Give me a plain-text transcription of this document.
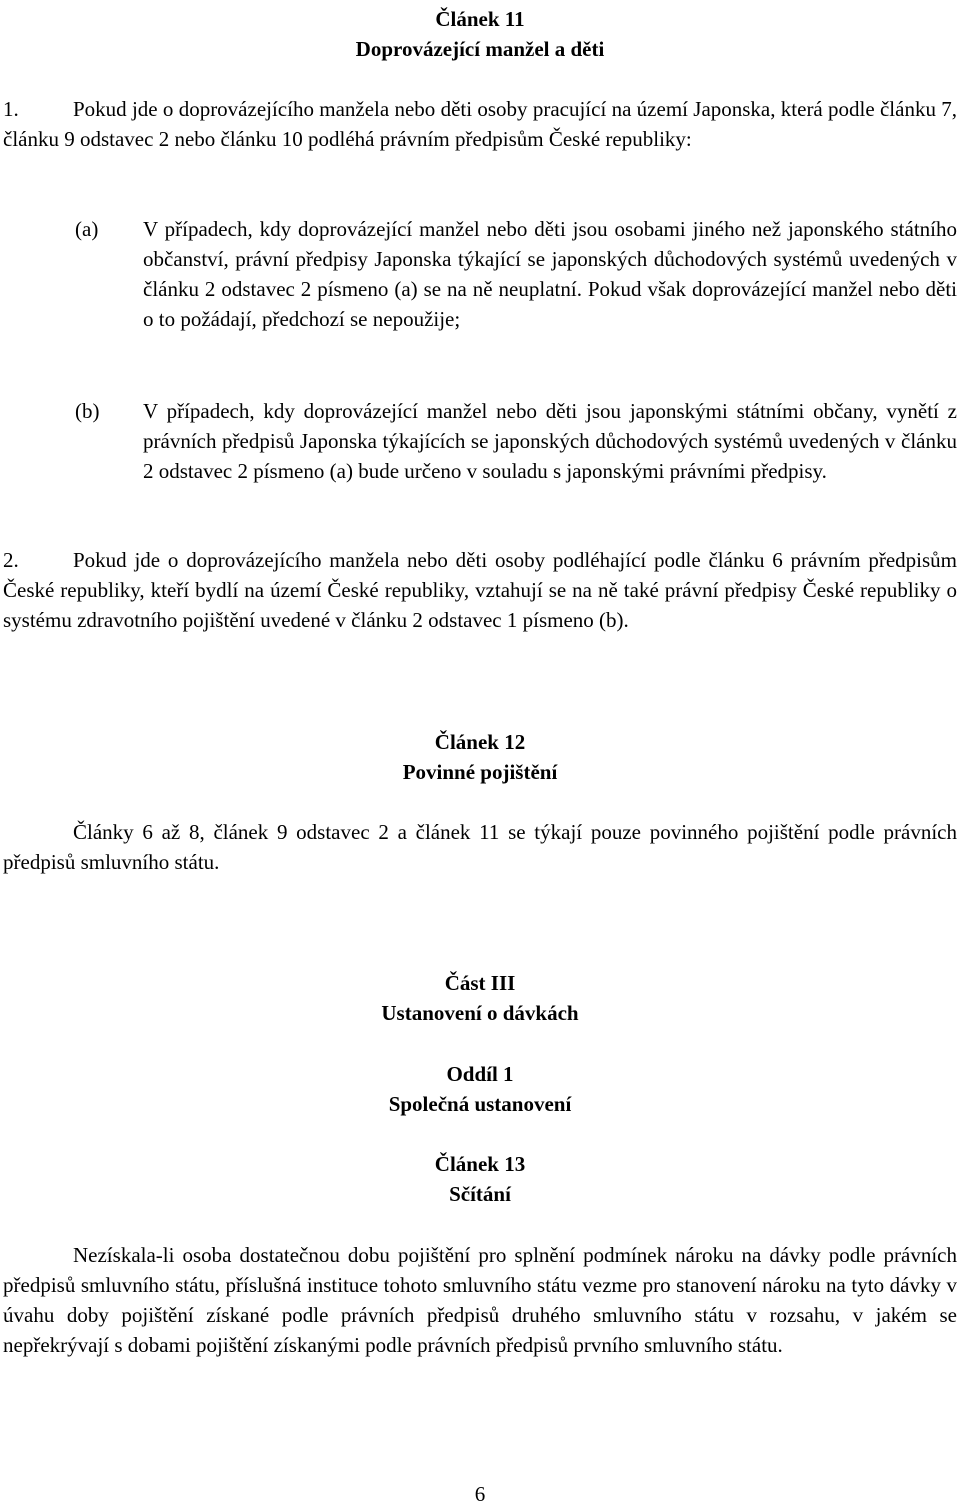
Článek 11
Doprovázející manžel a děti
1.	Pokud jde o doprovázejícího manžela nebo děti osoby pracující na území Japonska, která podle článku 7, článku 9 odstavec 2 nebo článku 10 podléhá právním předpisům České republiky:
(a)	V případech, kdy doprovázející manžel nebo děti jsou osobami jiného než japonského státního občanství, právní předpisy Japonska týkající se japonských důchodových systémů uvedených v článku 2 odstavec 2 písmeno (a) se na ně neuplatní. Pokud však doprovázející manžel nebo děti o to požádají, předchozí se nepoužije;
(b)	V případech, kdy doprovázející manžel nebo děti jsou japonskými státními občany, vynětí z právních předpisů Japonska týkajících se japonských důchodových systémů uvedených v článku 2 odstavec 2 písmeno (a) bude určeno v souladu s japonskými právními předpisy.
2.	Pokud jde o doprovázejícího manžela nebo děti osoby podléhající podle článku 6 právním předpisům České republiky, kteří bydlí na území České republiky, vztahují se na ně také právní předpisy České republiky o systému zdravotního pojištění uvedené v článku 2 odstavec 1 písmeno (b).
Článek 12
Povinné pojištění
Články 6 až 8, článek 9 odstavec 2 a článek 11 se týkají pouze povinného pojištění podle právních předpisů smluvního státu.
Část III
Ustanovení o dávkách
Oddíl 1
Společná ustanovení
Článek 13
Sčítání
Nezískala-li osoba dostatečnou dobu pojištění pro splnění podmínek nároku na dávky podle právních předpisů smluvního státu, příslušná instituce tohoto smluvního státu vezme pro stanovení nároku na tyto dávky v úvahu doby pojištění získané podle právních předpisů druhého smluvního státu v rozsahu, v jakém se nepřekrývají s dobami pojištění získanými podle právních předpisů prvního smluvního státu.
6
